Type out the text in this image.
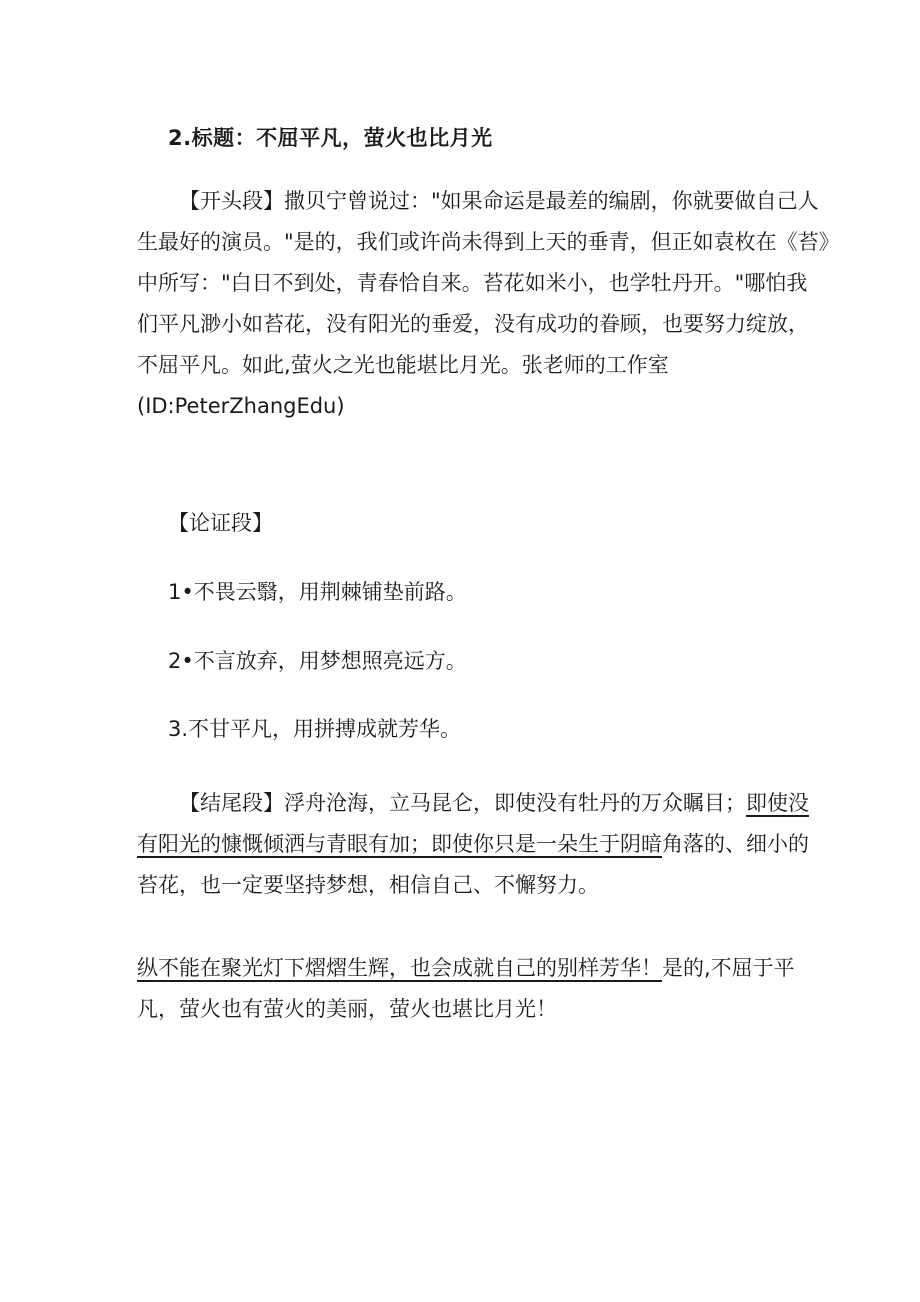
2.标题：不屈平凡，萤火也比月光
【开头段】撒贝宁曾说过："如果命运是最差的编剧，你就要做自己人
生最好的演员。"是的，我们或许尚未得到上天的垂青，但正如袁枚在《苔》
中所写："白日不到处，青春恰自来。苔花如米小，也学牡丹开。"哪怕我
们平凡渺小如苔花，没有阳光的垂爱，没有成功的眷顾，也要努力绽放，
不屈平凡。如此,萤火之光也能堪比月光。张老师的工作室
(ID:PeterZhangEdu)
【论证段】
1•不畏云翳，用荆棘铺垫前路。
2•不言放弃，用梦想照亮远方。
3.不甘平凡，用拼搏成就芳华。
【结尾段】浮舟沧海，立马昆仑，即使没有牡丹的万众瞩目；即使没
有阳光的慷慨倾洒与青眼有加；即使你只是一朵生于阴暗角落的、细小的
苔花，也一定要坚持梦想，相信自己、不懈努力。
纵不能在聚光灯下熠熠生辉，也会成就自己的别样芳华！是的,不屈于平
凡，萤火也有萤火的美丽，萤火也堪比月光！
